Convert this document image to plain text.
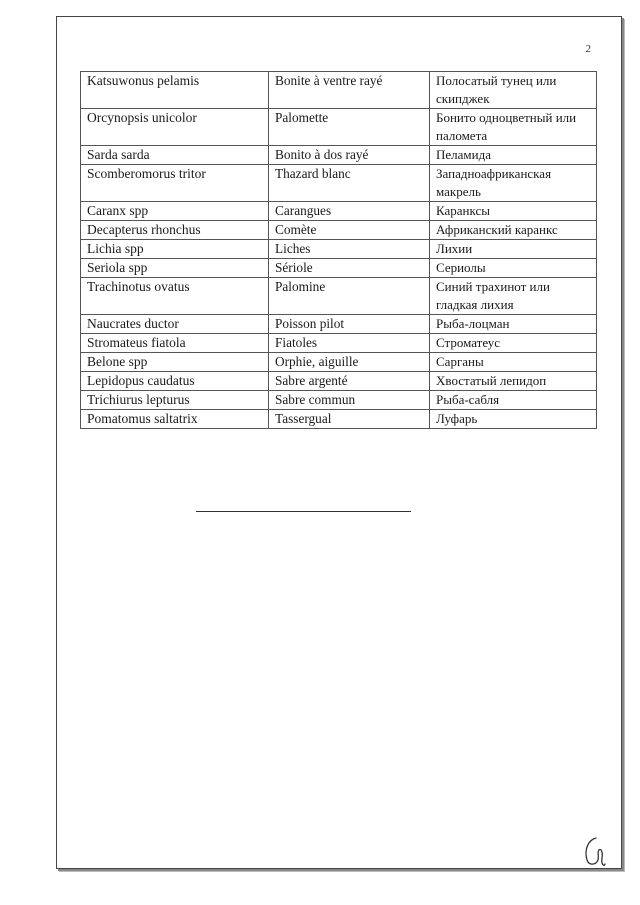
2
Katsuwonus pelamis	Bonite à ventre rayé	Полосатый тунец или скипджек
Orcynopsis unicolor	Palomette	Бонито одноцветный или паломета
Sarda sarda	Bonito à dos rayé	Пеламида
Scomberomorus tritor	Thazard blanc	Западноафриканская макрель
Caranx spp	Carangues	Каранксы
Decapterus rhonchus	Comète	Африканский каранкс
Lichia spp	Liches	Лихии
Seriola spp	Sériole	Сериолы
Trachinotus ovatus	Palomine	Синий трахинот или гладкая лихия
Naucrates ductor	Poisson pilot	Рыба-лоцман
Stromateus fiatola	Fiatoles	Строматеус
Belone spp	Orphie, aiguille	Сарганы
Lepidopus caudatus	Sabre argenté	Хвостатый лепидоп
Trichiurus lepturus	Sabre commun	Рыба-сабля
Pomatomus saltatrix	Tassergual	Луфарь
